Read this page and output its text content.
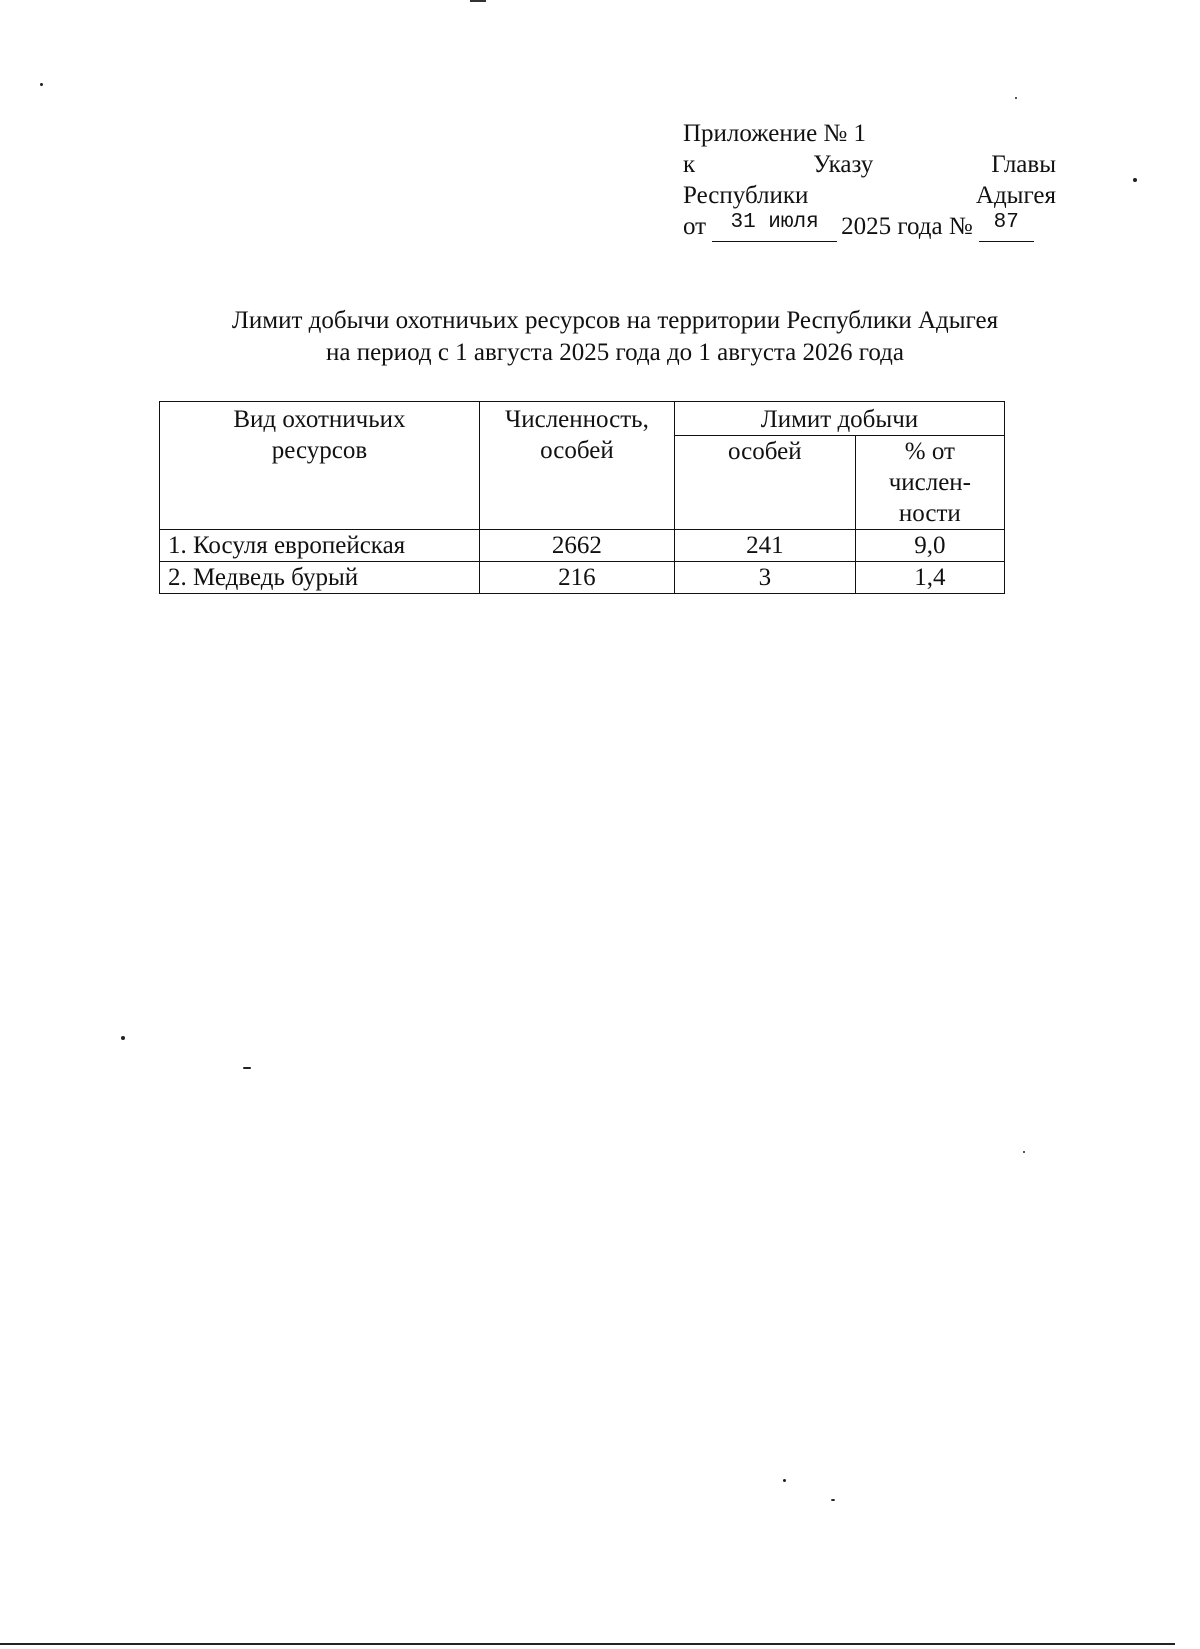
Приложение № 1
к	Указу	Главы
Республики	Адыгея
от	31 июля 2025 года № 87
Лимит добычи охотничьих ресурсов на территории Республики Адыгея
на период с 1 августа 2025 года до 1 августа 2026 года
Вид охотничьих ресурсов	Численность, особей	Лимит добычи	
		особей	% от числен-ности
1. Косуля европейская	2662	241	9,0
2. Медведь бурый	216	3	1,4
